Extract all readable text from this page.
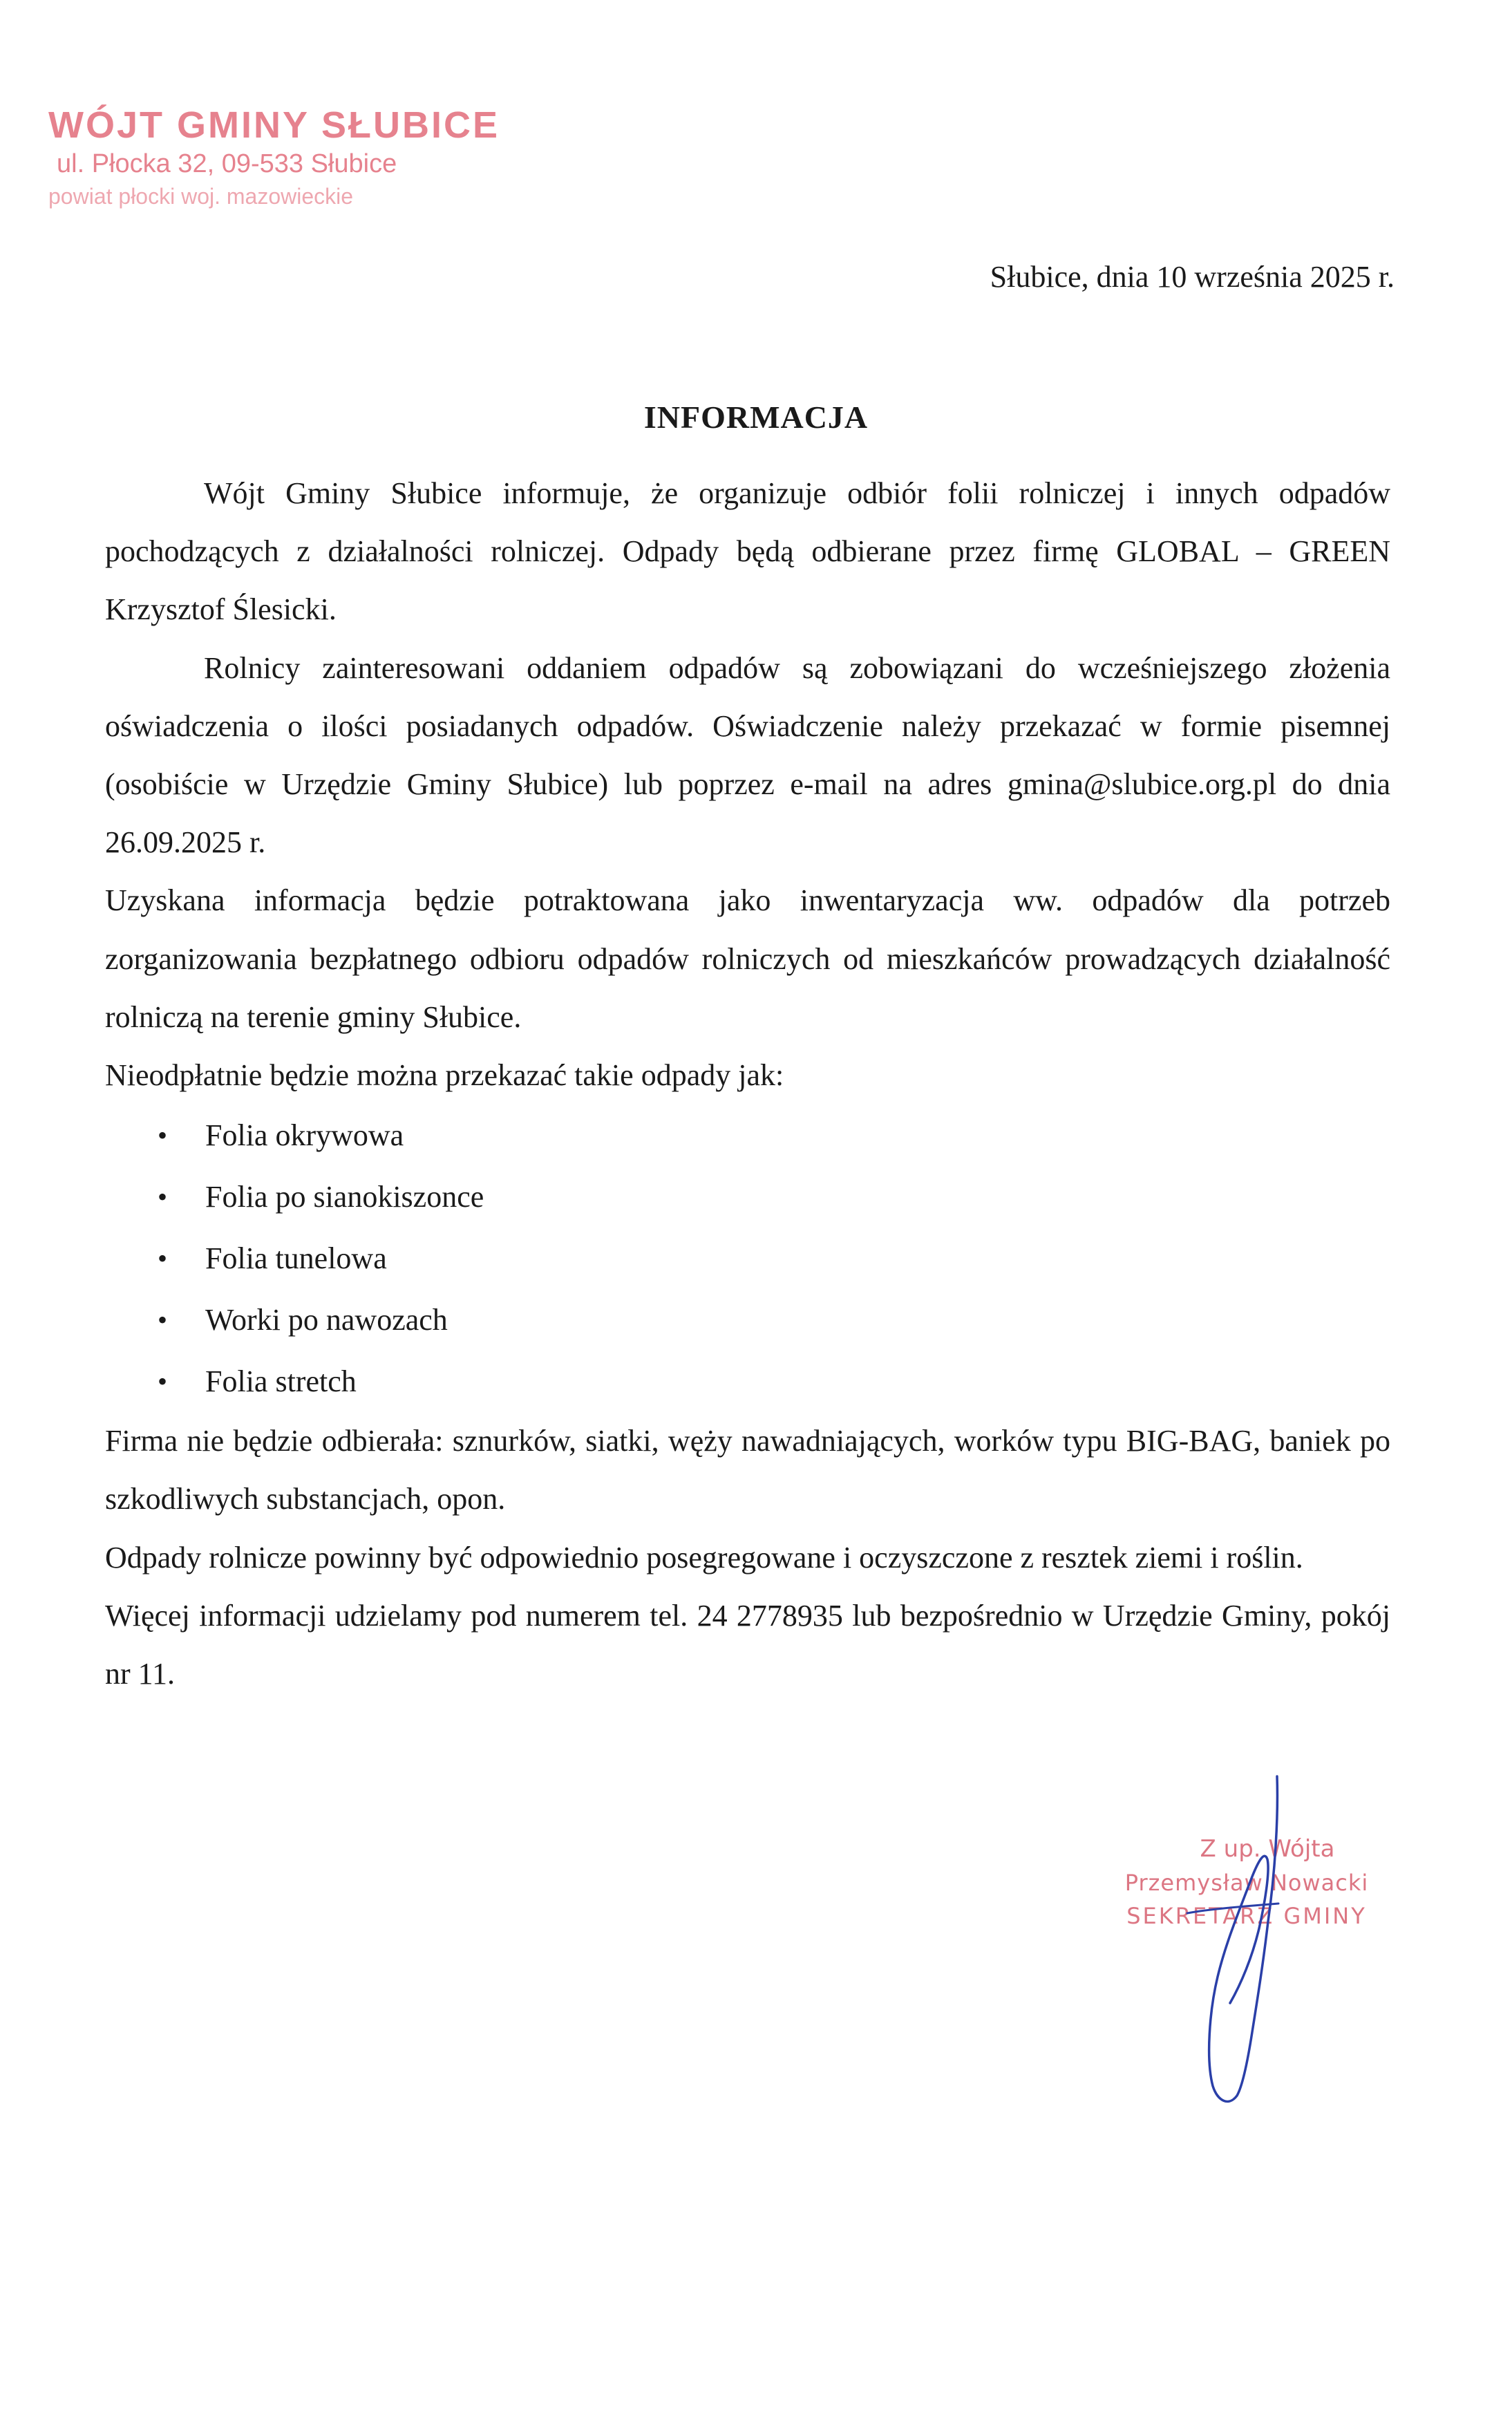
WÓJT GMINY SŁUBICE
ul. Płocka 32, 09-533 Słubice
powiat płocki woj. mazowieckie
Słubice, dnia 10 września 2025 r.
INFORMACJA

Wójt Gminy Słubice informuje, że organizuje odbiór folii rolniczej i innych odpadów pochodzących z działalności rolniczej. Odpady będą odbierane przez firmę GLOBAL – GREEN Krzysztof Ślesicki.

Rolnicy zainteresowani oddaniem odpadów są zobowiązani do wcześniejszego złożenia oświadczenia o ilości posiadanych odpadów. Oświadczenie należy przekazać w formie pisemnej (osobiście w Urzędzie Gminy Słubice) lub poprzez e-mail na adres gmina@slubice.org.pl do dnia 26.09.2025 r.

Uzyskana informacja będzie potraktowana jako inwentaryzacja ww. odpadów dla potrzeb zorganizowania bezpłatnego odbioru odpadów rolniczych od mieszkańców prowadzących działalność rolniczą na terenie gminy Słubice.

Nieodpłatnie będzie można przekazać takie odpady jak:

• Folia okrywowa
• Folia po sianokiszonce
• Folia tunelowa
• Worki po nawozach
• Folia stretch

Firma nie będzie odbierała: sznurków, siatki, węży nawadniających, worków typu BIG-BAG, baniek po szkodliwych substancjach, opon.

Odpady rolnicze powinny być odpowiednio posegregowane i oczyszczone z resztek ziemi i roślin.

Więcej informacji udzielamy pod numerem tel. 24 2778935 lub bezpośrednio w Urzędzie Gminy, pokój nr 11.

Z up. Wójta
Przemysław Nowacki
SEKRETARZ GMINY
